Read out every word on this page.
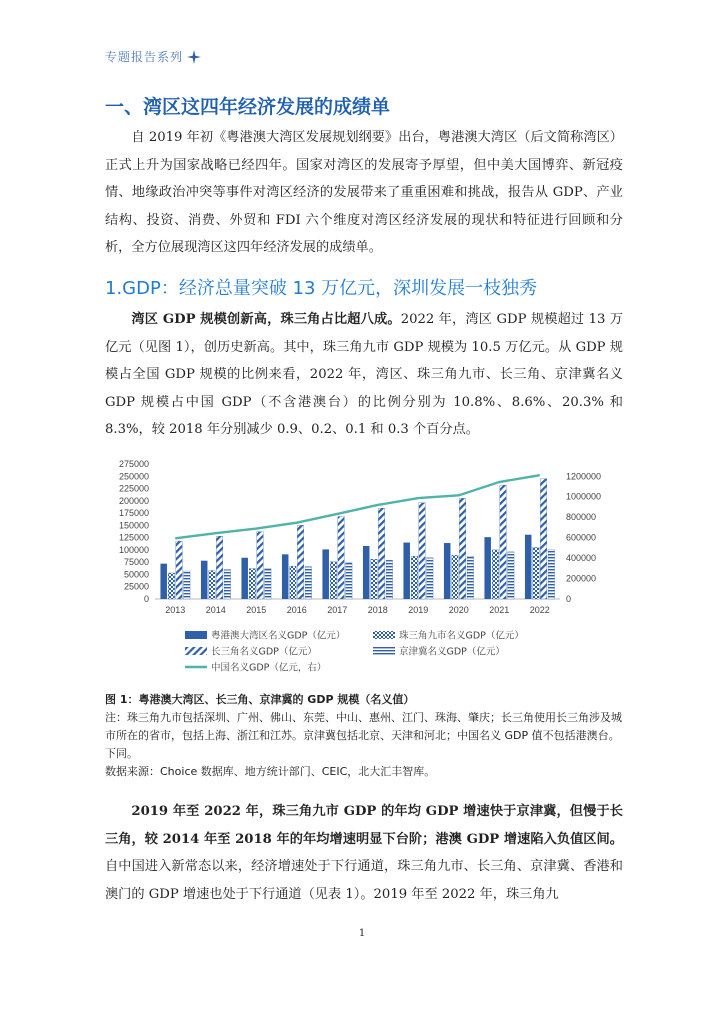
专题报告系列
一、湾区这四年经济发展的成绩单

自 2019 年初《粤港澳大湾区发展规划纲要》出台，粤港澳大湾区（后文简称湾区）正式上升为国家战略已经四年。国家对湾区的发展寄予厚望，但中美大国博弈、新冠疫情、地缘政治冲突等事件对湾区经济的发展带来了重重困难和挑战，报告从 GDP、产业结构、投资、消费、外贸和 FDI 六个维度对湾区经济发展的现状和特征进行回顾和分析，全方位展现湾区这四年经济发展的成绩单。

1.GDP：经济总量突破 13 万亿元，深圳发展一枝独秀

湾区 GDP 规模创新高，珠三角占比超八成。2022 年，湾区 GDP 规模超过 13 万亿元（见图 1），创历史新高。其中，珠三角九市 GDP 规模为 10.5 万亿元。从 GDP 规模占全国 GDP 规模的比例来看，2022 年，湾区、珠三角九市、长三角、京津冀名义 GDP 规模占中国 GDP（不含港澳台）的比例分别为 10.8%、8.6%、20.3% 和 8.3%，较 2018 年分别减少 0.9、0.2、0.1 和 0.3 个百分点。

0
25000
50000
75000
100000
125000
150000
175000
200000
225000
250000
275000
0
200000
400000
600000
800000
1000000
1200000
2013 2014 2015 2016 2017 2018 2019 2020 2021 2022
粤港澳大湾区名义GDP（亿元）	珠三角九市名义GDP（亿元）
长三角名义GDP（亿元）	京津冀名义GDP（亿元）
中国名义GDP（亿元，右）
图 1：粤港澳大湾区、长三角、京津冀的 GDP 规模（名义值）
注：珠三角九市包括深圳、广州、佛山、东莞、中山、惠州、江门、珠海、肇庆；长三角使用长三角涉及城市所在的省市，包括上海、浙江和江苏。京津冀包括北京、天津和河北；中国名义 GDP 值不包括港澳台。下同。
数据来源：Choice 数据库、地方统计部门、CEIC，北大汇丰智库。

2019 年至 2022 年，珠三角九市 GDP 的年均 GDP 增速快于京津冀，但慢于长三角，较 2014 年至 2018 年的年均增速明显下台阶；港澳 GDP 增速陷入负值区间。自中国进入新常态以来，经济增速处于下行通道，珠三角九市、长三角、京津冀、香港和澳门的 GDP 增速也处于下行通道（见表 1）。2019 年至 2022 年，珠三角九

1
